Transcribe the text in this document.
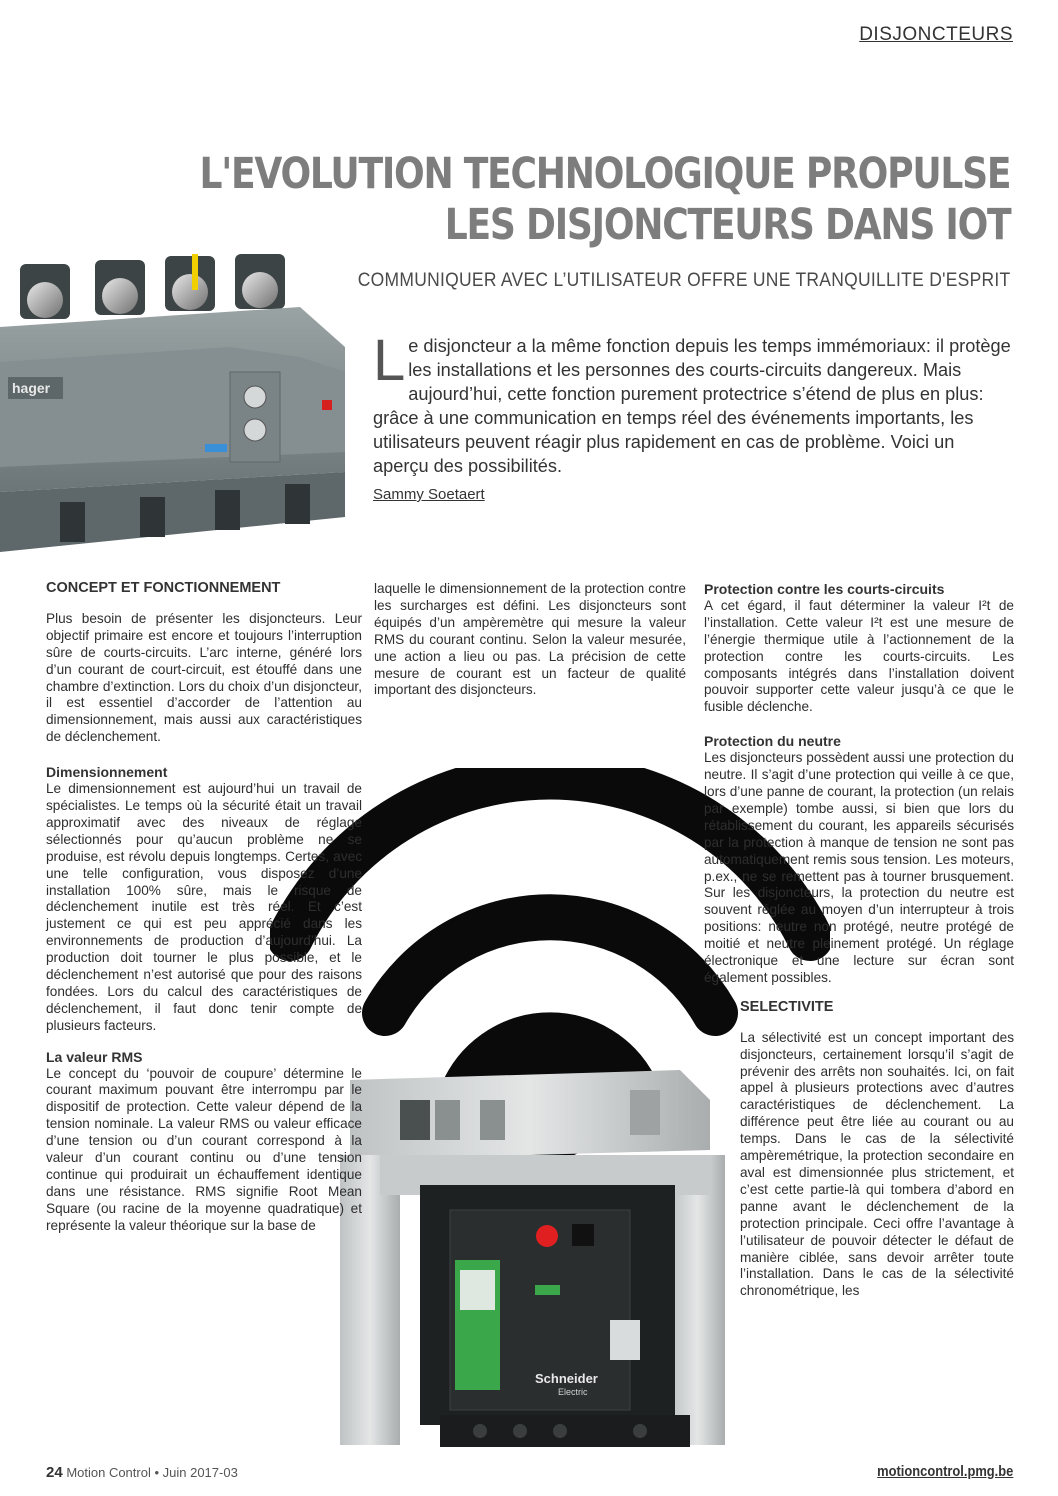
DISJONCTEURS
L'EVOLUTION TECHNOLOGIQUE PROPULSE
LES DISJONCTEURS DANS IOT
COMMUNIQUER AVEC L’UTILISATEUR OFFRE UNE TRANQUILLITE D'ESPRIT
hager	Le disjoncteur a la même fonction depuis les temps immémoriaux: il protège les installations et les personnes des courts-circuits dangereux. Mais aujourd’hui, cette fonction purement protectrice s’étend de plus en plus: grâce à une communication en temps réel des événements importants, les utilisateurs peuvent réagir plus rapidement en cas de problème. Voici un aperçu des possibilités.
Sammy Soetaert
Schneider
Electric
CONCEPT ET FONCTIONNEMENT

Plus besoin de présenter les disjoncteurs. Leur objectif primaire est encore et toujours l’interruption sûre de courts-circuits. L’arc interne, généré lors d’un courant de court-circuit, est étouffé dans une chambre d’extinction. Lors du choix d’un disjoncteur, il est essentiel d’accorder de l’attention au dimensionnement, mais aussi aux caractéristiques de déclenchement.

Dimensionnement

Le dimensionnement est aujourd’hui un travail de spécialistes. Le temps où la sécurité était un travail approximatif avec des niveaux de réglage sélectionnés pour qu’aucun problème ne se produise, est révolu depuis longtemps. Certes, avec une telle configuration, vous disposez d’une installation 100% sûre, mais le risque de déclenchement inutile est très réel. Et c’est justement ce qui est peu apprécié dans les environnements de production d’aujourd’hui. La production doit tourner le plus possible, et le déclenchement n’est autorisé que pour des raisons fondées. Lors du calcul des caractéristiques de déclenchement, il faut donc tenir compte de plusieurs facteurs.

La valeur RMS

Le concept du ‘pouvoir de coupure’ détermine le courant maximum pouvant être interrompu par le dispositif de protection. Cette valeur dépend de la tension nominale. La valeur RMS ou valeur efficace d’une tension ou d’un courant correspond à la valeur d’un courant continu ou d’une tension continue qui produirait un échauffement identique dans une résistance. RMS signifie Root Mean Square (ou racine de la moyenne quadratique) et représente la valeur théorique sur la base de

laquelle le dimensionnement de la protection contre les surcharges est défini. Les disjoncteurs sont équipés d’un ampèremètre qui mesure la valeur RMS du courant continu. Selon la valeur mesurée, une action a lieu ou pas. La précision de cette mesure de courant est un facteur de qualité important des disjoncteurs.

Protection contre les courts-circuits

A cet égard, il faut déterminer la valeur I²t de l’installation. Cette valeur I²t est une mesure de l’énergie thermique utile à l’actionnement de la protection contre les courts-circuits. Les composants intégrés dans l’installation doivent pouvoir supporter cette valeur jusqu’à ce que le fusible déclenche.

Protection du neutre

Les disjoncteurs possèdent aussi une protection du neutre. Il s’agit d’une protection qui veille à ce que, lors d’une panne de courant, la protection (un relais par exemple) tombe aussi, si bien que lors du rétablissement du courant, les appareils sécurisés par la protection à manque de tension ne sont pas automatiquement remis sous tension. Les moteurs, p.ex., ne se remettent pas à tourner brusquement. Sur les disjoncteurs, la protection du neutre est souvent réglée au moyen d’un interrupteur à trois positions: neutre non protégé, neutre protégé de moitié et neutre pleinement protégé. Un réglage électronique et une lecture sur écran sont également possibles.

SELECTIVITE

La sélectivité est un concept important des disjoncteurs, certainement lorsqu’il s’agit de prévenir des arrêts non souhaités. Ici, on fait appel à plusieurs protections avec d’autres caractéristiques de déclenchement. La différence peut être liée au courant ou au temps. Dans le cas de la sélectivité ampèremétrique, la protection secondaire en aval est dimensionnée plus strictement, et c’est cette partie-là qui tombera d’abord en panne avant le déclenchement de la protection principale. Ceci offre l’avantage à l’utilisateur de pouvoir détecter le défaut de manière ciblée, sans devoir arrêter toute l’installation. Dans le cas de la sélectivité chronométrique, les

24 Motion Control • Juin 2017-03	motioncontrol.pmg.be
